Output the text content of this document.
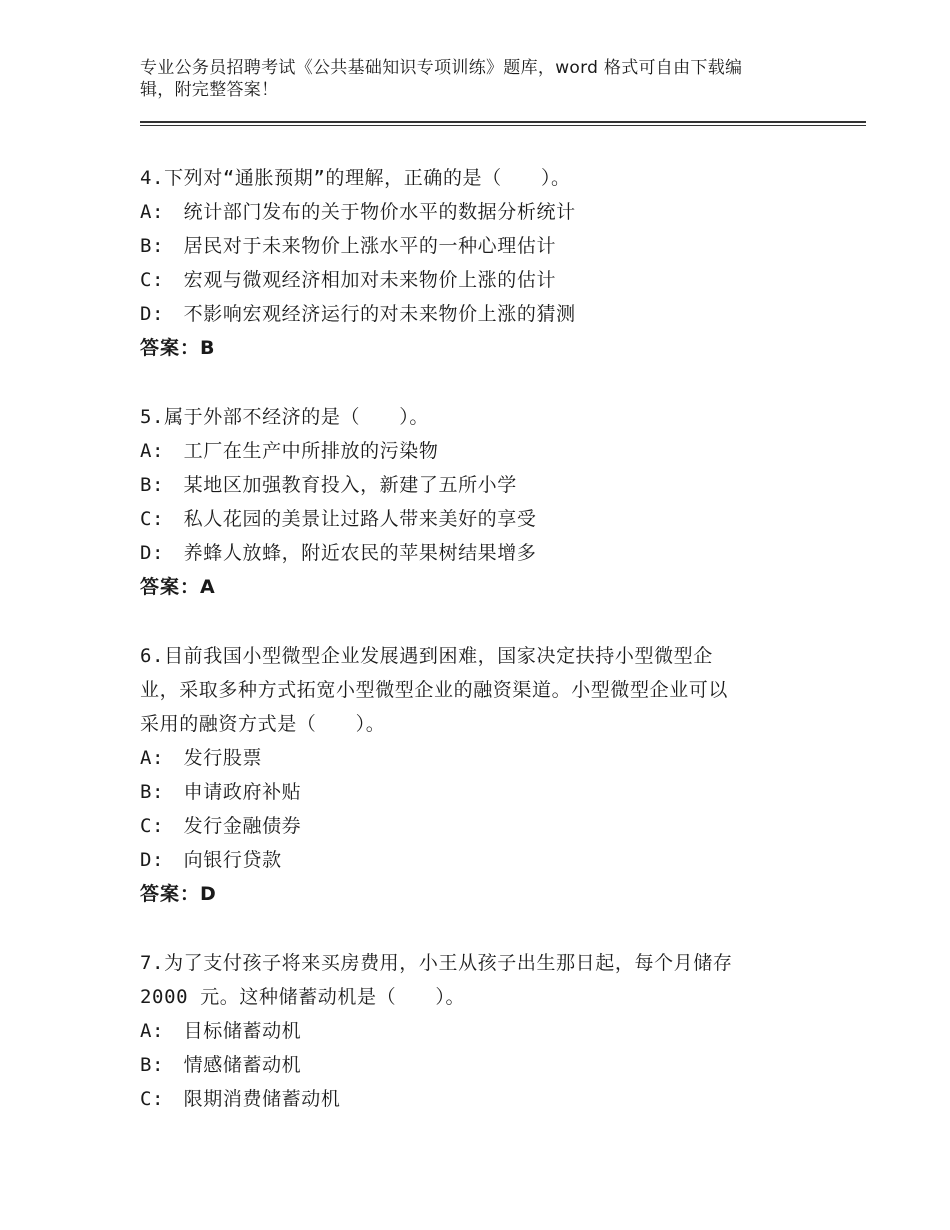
专业公务员招聘考试《公共基础知识专项训练》题库，word 格式可自由下载编
辑，附完整答案！
4.下列对“通胀预期”的理解，正确的是（　　）。
A:　统计部门发布的关于物价水平的数据分析统计
B:　居民对于未来物价上涨水平的一种心理估计
C:　宏观与微观经济相加对未来物价上涨的估计
D:　不影响宏观经济运行的对未来物价上涨的猜测
答案：B
5.属于外部不经济的是（　　）。
A:　工厂在生产中所排放的污染物
B:　某地区加强教育投入，新建了五所小学
C:　私人花园的美景让过路人带来美好的享受
D:　养蜂人放蜂，附近农民的苹果树结果增多
答案：A
6.目前我国小型微型企业发展遇到困难，国家决定扶持小型微型企
业，采取多种方式拓宽小型微型企业的融资渠道。小型微型企业可以
采用的融资方式是（　　）。
A:　发行股票
B:　申请政府补贴
C:　发行金融债券
D:　向银行贷款
答案：D
7.为了支付孩子将来买房费用，小王从孩子出生那日起，每个月储存
2000 元。这种储蓄动机是（　　）。
A:　目标储蓄动机
B:　情感储蓄动机
C:　限期消费储蓄动机
